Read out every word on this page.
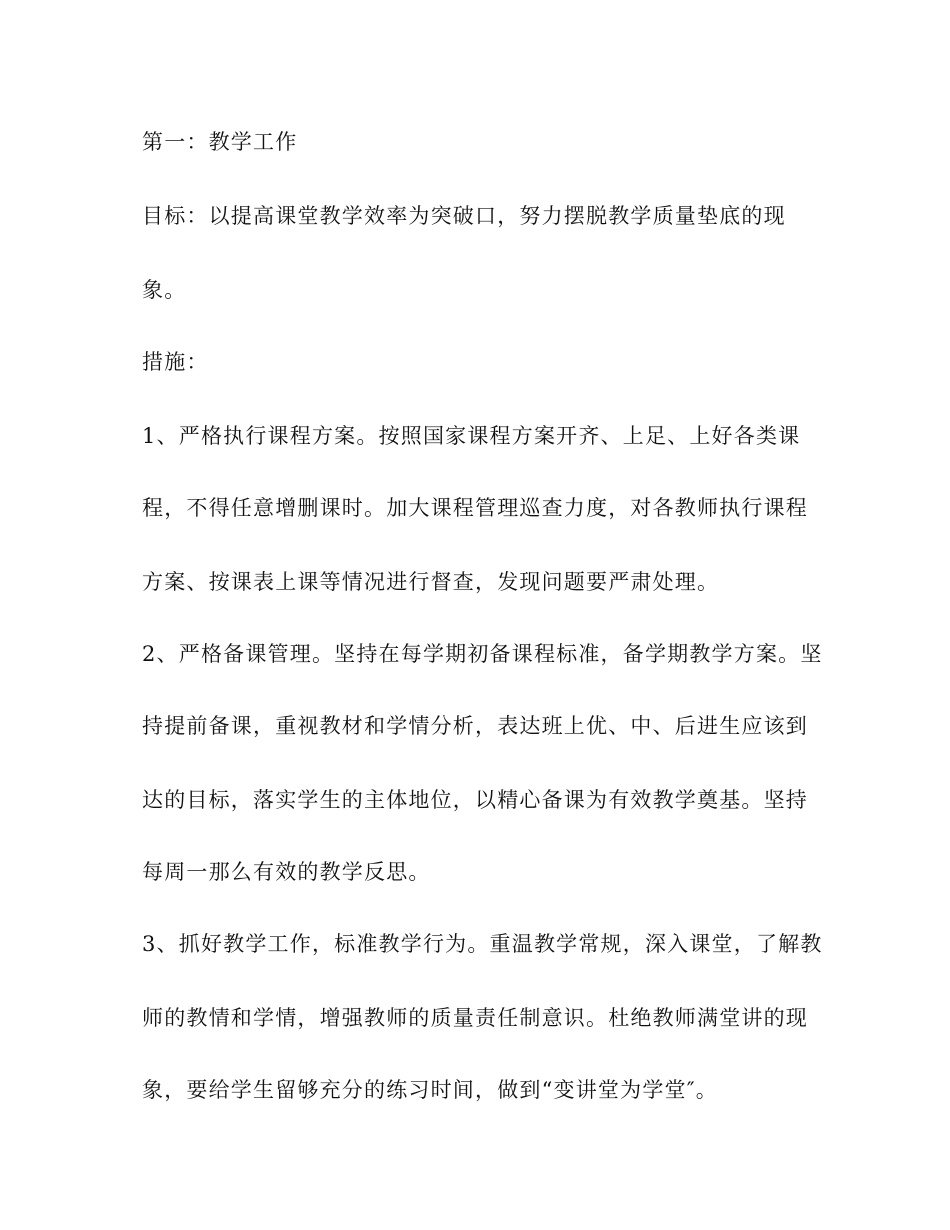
第一：教学工作
目标：以提高课堂教学效率为突破口，努力摆脱教学质量垫底的现
象。
措施：
1、严格执行课程方案。按照国家课程方案开齐、上足、上好各类课
程，不得任意增删课时。加大课程管理巡查力度，对各教师执行课程
方案、按课表上课等情况进行督查，发现问题要严肃处理。
2、严格备课管理。坚持在每学期初备课程标准，备学期教学方案。坚
持提前备课，重视教材和学情分析，表达班上优、中、后进生应该到
达的目标，落实学生的主体地位，以精心备课为有效教学奠基。坚持
每周一那么有效的教学反思。
3、抓好教学工作，标准教学行为。重温教学常规，深入课堂，了解教
师的教情和学情，增强教师的质量责任制意识。杜绝教师满堂讲的现
象，要给学生留够充分的练习时间，做到“变讲堂为学堂″。
